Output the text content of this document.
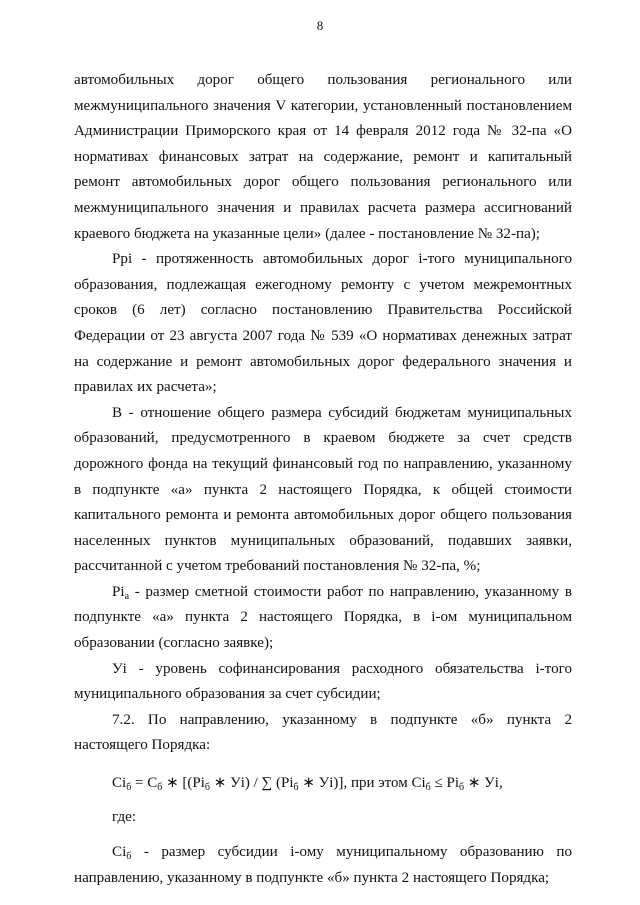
8

автомобильных дорог общего пользования регионального или межмуниципального значения V категории, установленный постановлением Администрации Приморского края от 14 февраля 2012 года № 32-па «О нормативах финансовых затрат на содержание, ремонт и капитальный ремонт автомобильных дорог общего пользования регионального или межмуниципального значения и правилах расчета размера ассигнований краевого бюджета на указанные цели» (далее - постановление № 32-па);

Pрi - протяженность автомобильных дорог i-того муниципального образования, подлежащая ежегодному ремонту с учетом межремонтных сроков (6 лет) согласно постановлению Правительства Российской Федерации от 23 августа 2007 года № 539 «О нормативах денежных затрат на содержание и ремонт автомобильных дорог федерального значения и правилах их расчета»;

В - отношение общего размера субсидий бюджетам муниципальных образований, предусмотренного в краевом бюджете за счет средств дорожного фонда на текущий финансовый год по направлению, указанному в подпункте «а» пункта 2 настоящего Порядка, к общей стоимости капитального ремонта и ремонта автомобильных дорог общего пользования населенных пунктов муниципальных образований, подавших заявки, рассчитанной с учетом требований постановления № 32-па, %;

$Pi_а$ - размер сметной стоимости работ по направлению, указанному в подпункте «а» пункта 2 настоящего Порядка, в i-ом муниципальном образовании (согласно заявке);

Уi - уровень софинансирования расходного обязательства i-того муниципального образования за счет субсидии;

7.2. По направлению, указанному в подпункте «б» пункта 2 настоящего Порядка:

$Ci_б = C_б$ ∗ [($Pi_б$ ∗ Уi) / ∑ ($Pi_б$ ∗ Уi)], при этом $Ci_б \le Pi_б$ ∗ Уi,
где:

$Ci_б$ - размер субсидии i-ому муниципальному образованию по направлению, указанному в подпункте «б» пункта 2 настоящего Порядка;
